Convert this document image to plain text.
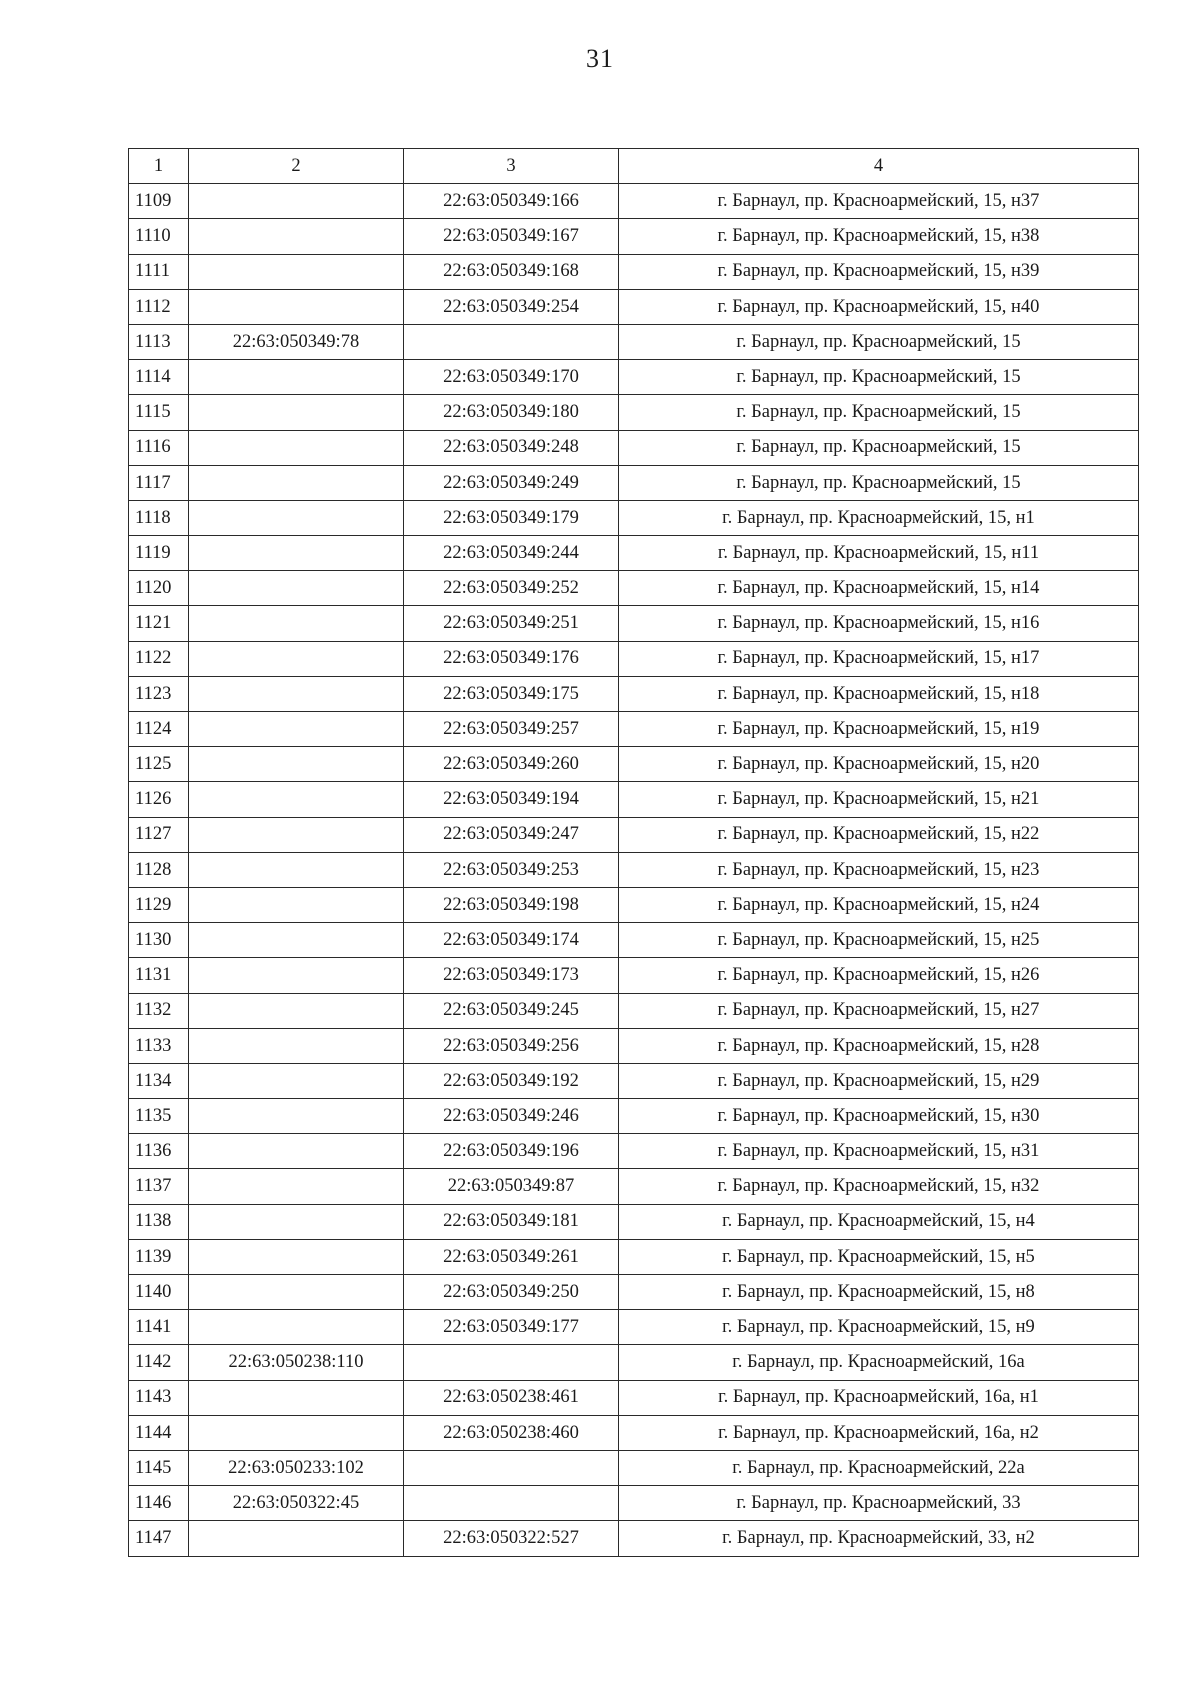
31
1	2	3	4
1109		22:63:050349:166	г. Барнаул, пр. Красноармейский, 15, н37
1110		22:63:050349:167	г. Барнаул, пр. Красноармейский, 15, н38
1111		22:63:050349:168	г. Барнаул, пр. Красноармейский, 15, н39
1112		22:63:050349:254	г. Барнаул, пр. Красноармейский, 15, н40
1113	22:63:050349:78		г. Барнаул, пр. Красноармейский, 15
1114		22:63:050349:170	г. Барнаул, пр. Красноармейский, 15
1115		22:63:050349:180	г. Барнаул, пр. Красноармейский, 15
1116		22:63:050349:248	г. Барнаул, пр. Красноармейский, 15
1117		22:63:050349:249	г. Барнаул, пр. Красноармейский, 15
1118		22:63:050349:179	г. Барнаул, пр. Красноармейский, 15, н1
1119		22:63:050349:244	г. Барнаул, пр. Красноармейский, 15, н11
1120		22:63:050349:252	г. Барнаул, пр. Красноармейский, 15, н14
1121		22:63:050349:251	г. Барнаул, пр. Красноармейский, 15, н16
1122		22:63:050349:176	г. Барнаул, пр. Красноармейский, 15, н17
1123		22:63:050349:175	г. Барнаул, пр. Красноармейский, 15, н18
1124		22:63:050349:257	г. Барнаул, пр. Красноармейский, 15, н19
1125		22:63:050349:260	г. Барнаул, пр. Красноармейский, 15, н20
1126		22:63:050349:194	г. Барнаул, пр. Красноармейский, 15, н21
1127		22:63:050349:247	г. Барнаул, пр. Красноармейский, 15, н22
1128		22:63:050349:253	г. Барнаул, пр. Красноармейский, 15, н23
1129		22:63:050349:198	г. Барнаул, пр. Красноармейский, 15, н24
1130		22:63:050349:174	г. Барнаул, пр. Красноармейский, 15, н25
1131		22:63:050349:173	г. Барнаул, пр. Красноармейский, 15, н26
1132		22:63:050349:245	г. Барнаул, пр. Красноармейский, 15, н27
1133		22:63:050349:256	г. Барнаул, пр. Красноармейский, 15, н28
1134		22:63:050349:192	г. Барнаул, пр. Красноармейский, 15, н29
1135		22:63:050349:246	г. Барнаул, пр. Красноармейский, 15, н30
1136		22:63:050349:196	г. Барнаул, пр. Красноармейский, 15, н31
1137		22:63:050349:87	г. Барнаул, пр. Красноармейский, 15, н32
1138		22:63:050349:181	г. Барнаул, пр. Красноармейский, 15, н4
1139		22:63:050349:261	г. Барнаул, пр. Красноармейский, 15, н5
1140		22:63:050349:250	г. Барнаул, пр. Красноармейский, 15, н8
1141		22:63:050349:177	г. Барнаул, пр. Красноармейский, 15, н9
1142	22:63:050238:110		г. Барнаул, пр. Красноармейский, 16а
1143		22:63:050238:461	г. Барнаул, пр. Красноармейский, 16а, н1
1144		22:63:050238:460	г. Барнаул, пр. Красноармейский, 16а, н2
1145	22:63:050233:102		г. Барнаул, пр. Красноармейский, 22а
1146	22:63:050322:45		г. Барнаул, пр. Красноармейский, 33
1147		22:63:050322:527	г. Барнаул, пр. Красноармейский, 33, н2
